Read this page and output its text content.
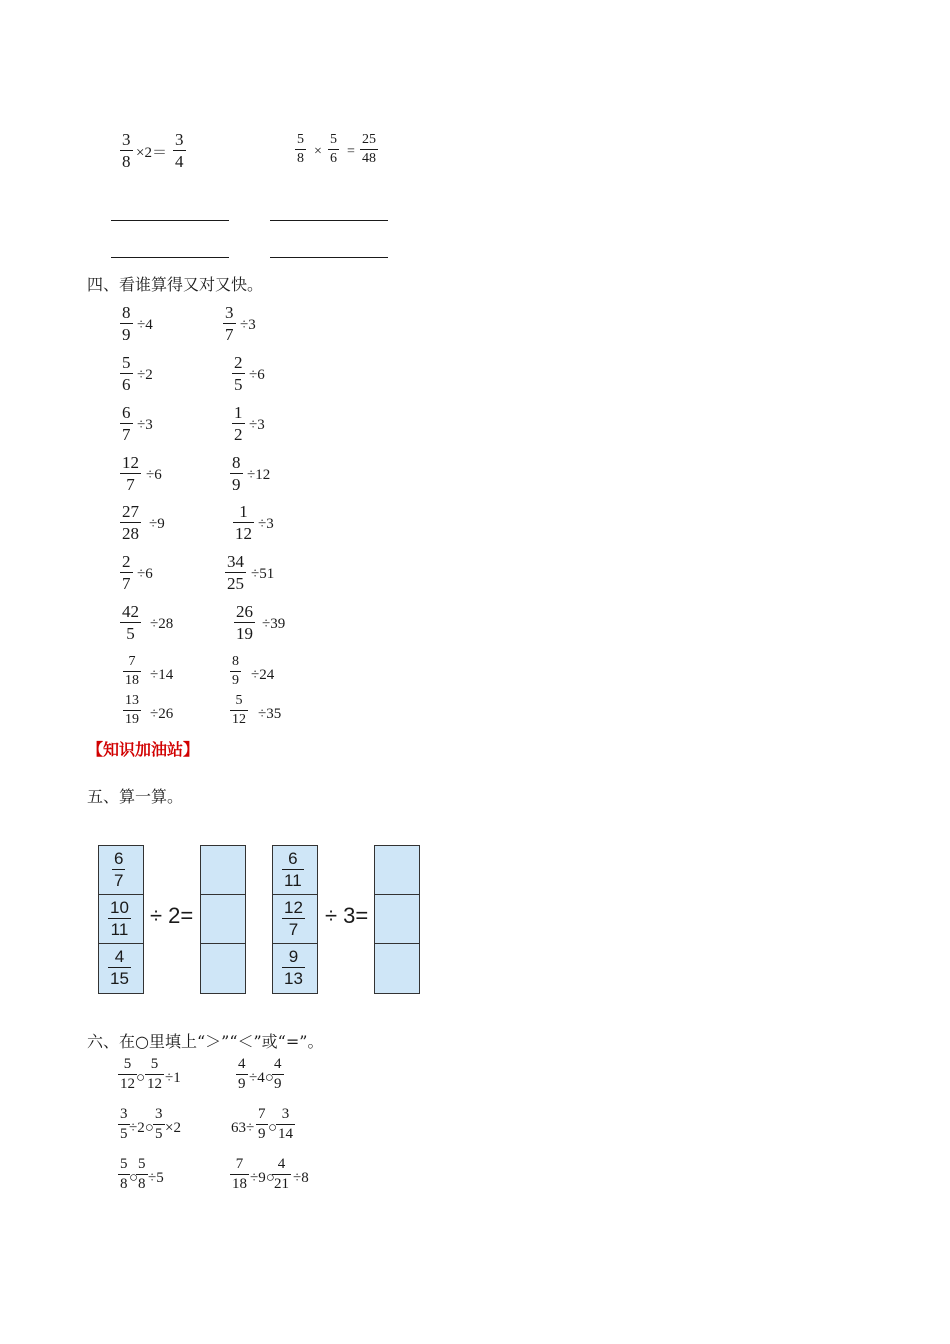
3
8 ×2＝
3
4
5
8 ×
5
6 =
25
48
四、看谁算得又对又快。
8
9 ÷4
3
7 ÷3
5
6 ÷2
2
5 ÷6
6
7 ÷3
1
2 ÷3
12
7 ÷6
8
9 ÷12
27
28 ÷9
1
12 ÷3
2
7 ÷6
34
25 ÷51
42
5 ÷28
26
19 ÷39
7
18 ÷14
8
9 ÷24
13
19 ÷26
5
12 ÷35
【知识加油站】
五、算一算。
6
7
10
11
4
15
÷ 2=
6
11
12
7
9
13
÷ 3=
六、在○里填上“＞”“＜”或“=”。
5
12 ○
5
12 ÷1
4
9 ÷4○
4
9
3
5 ÷2○
3
5 ×2	63÷
7
9 ○
3
14
5
8 ○
5
8 ÷5
7
18 ÷9○
4
21 ÷8
